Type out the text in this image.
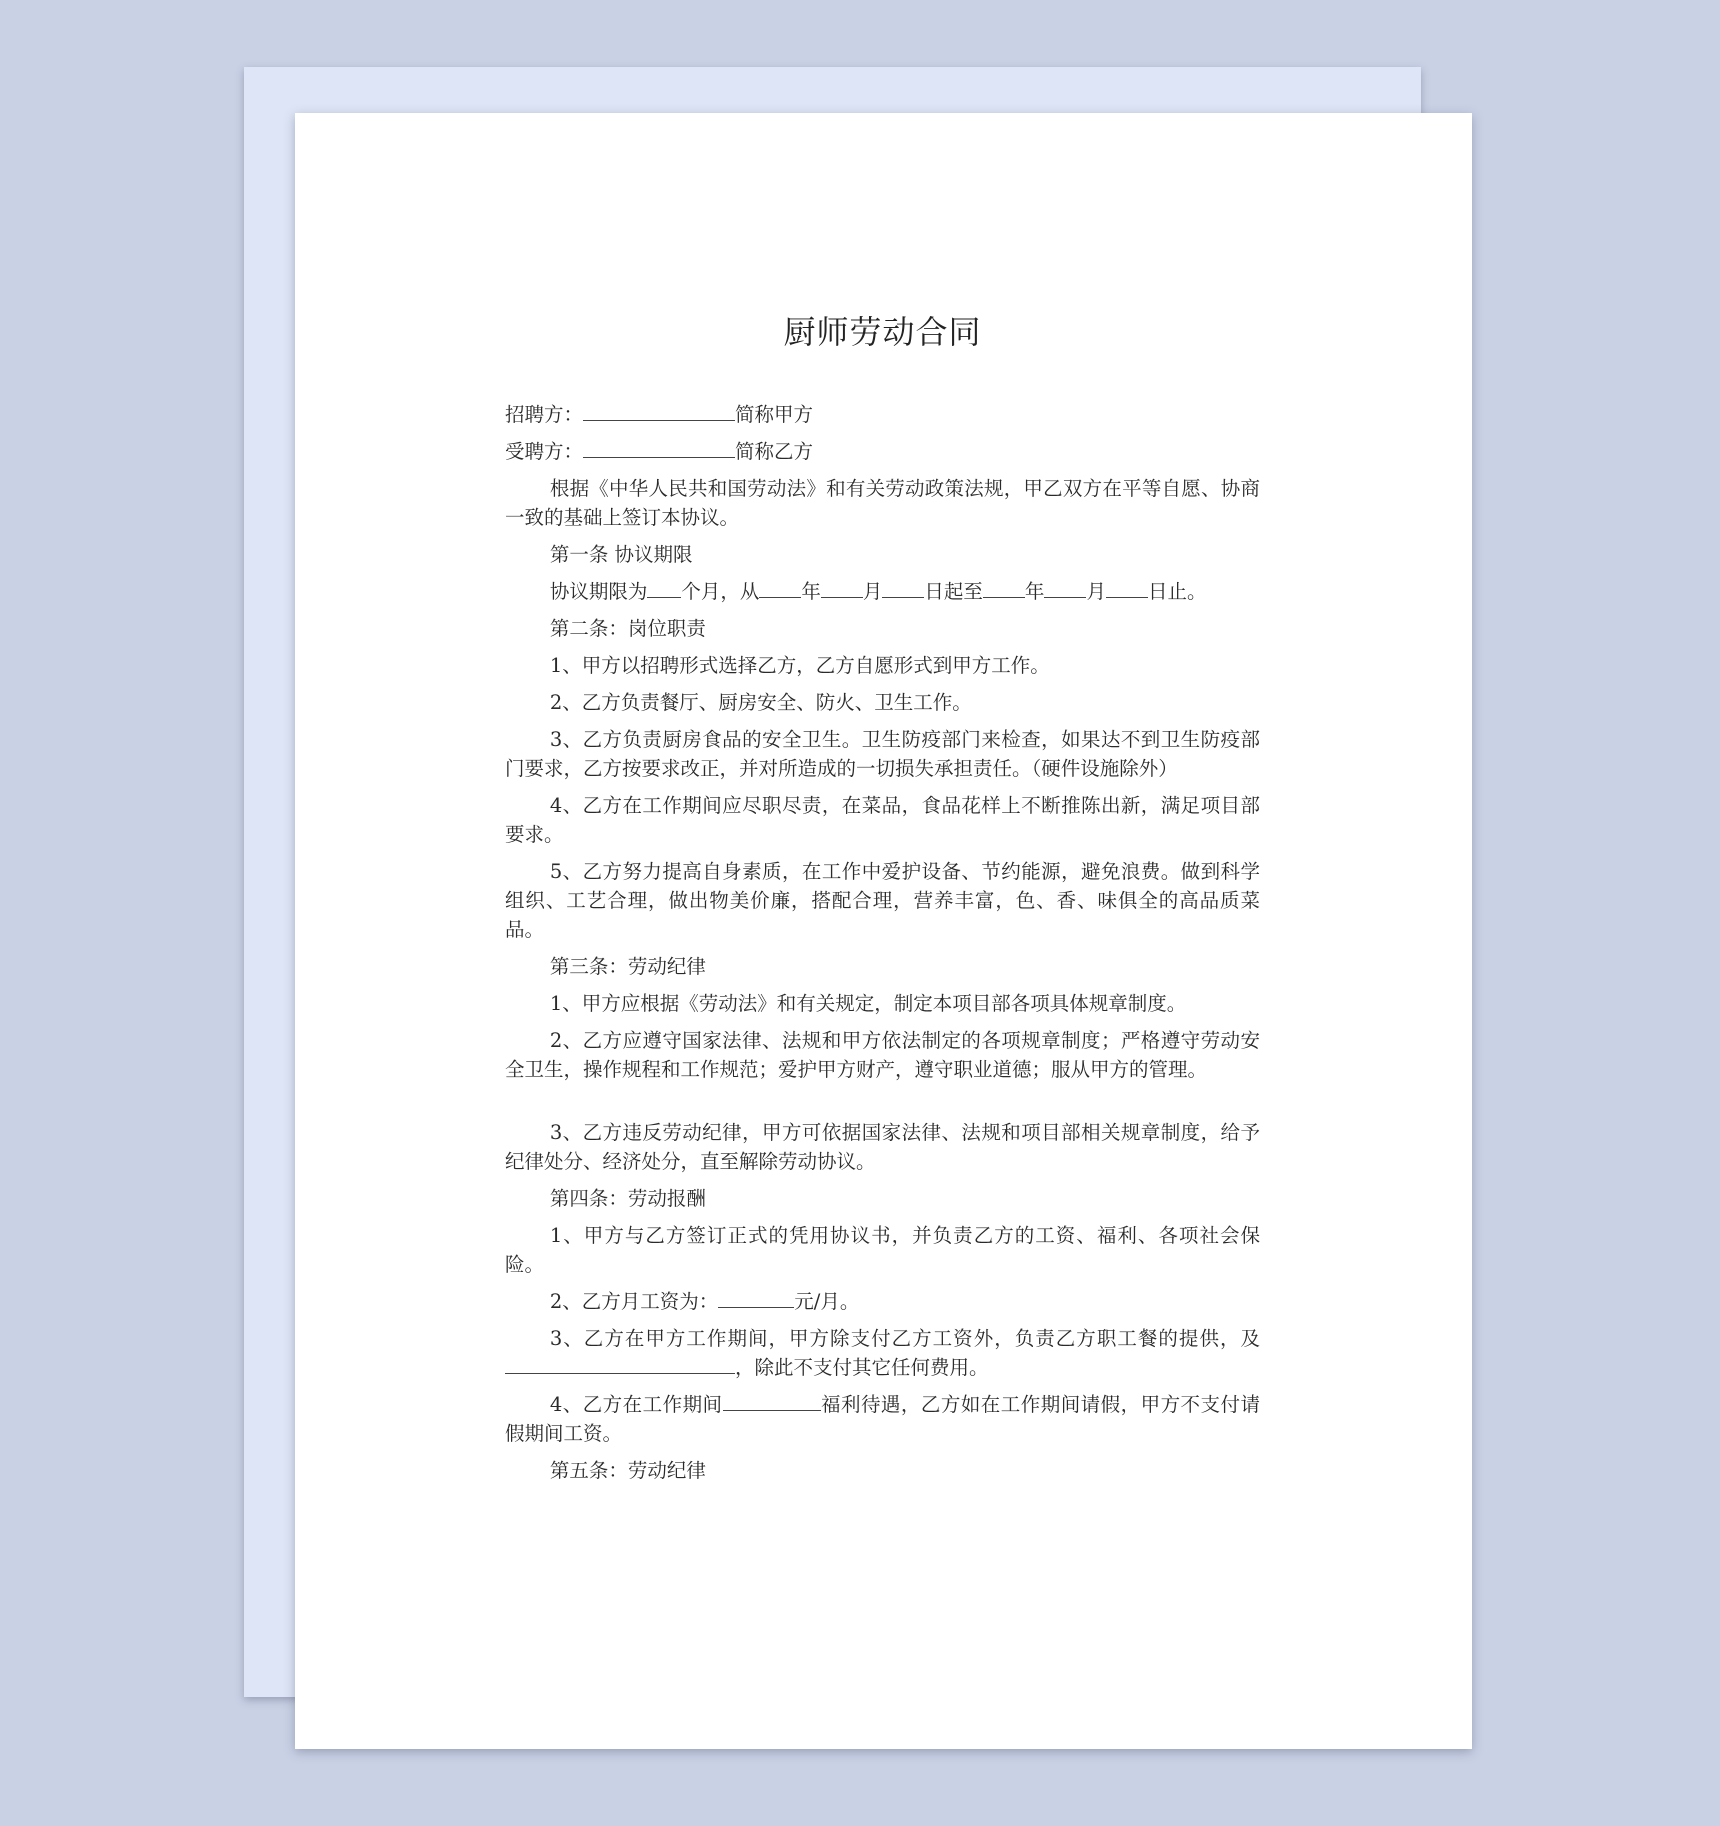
厨师劳动合同
招聘方：	简称甲方
受聘方：	简称乙方
根据《中华人民共和国劳动法》和有关劳动政策法规，甲乙双方在平等自愿、协商一致的基础上签订本协议。
第一条 协议期限
协议期限为 个月，从 年 月 日起至 年 月 日止。
第二条：岗位职责
1、甲方以招聘形式选择乙方，乙方自愿形式到甲方工作。
2、乙方负责餐厅、厨房安全、防火、卫生工作。
3、乙方负责厨房食品的安全卫生。卫生防疫部门来检查，如果达不到卫生防疫部门要求，乙方按要求改正，并对所造成的一切损失承担责任。（硬件设施除外）
4、乙方在工作期间应尽职尽责，在菜品，食品花样上不断推陈出新，满足项目部要求。
5、乙方努力提高自身素质，在工作中爱护设备、节约能源，避免浪费。做到科学组织、工艺合理，做出物美价廉，搭配合理，营养丰富，色、香、味俱全的高品质菜品。
第三条：劳动纪律
1、甲方应根据《劳动法》和有关规定，制定本项目部各项具体规章制度。
2、乙方应遵守国家法律、法规和甲方依法制定的各项规章制度；严格遵守劳动安全卫生，操作规程和工作规范；爱护甲方财产，遵守职业道德；服从甲方的管理。
3、乙方违反劳动纪律，甲方可依据国家法律、法规和项目部相关规章制度，给予纪律处分、经济处分，直至解除劳动协议。
第四条：劳动报酬
1、甲方与乙方签订正式的凭用协议书，并负责乙方的工资、福利、各项社会保险。
2、乙方月工资为：	元/月。
3、乙方在甲方工作期间，甲方除支付乙方工资外，负责乙方职工餐的提供，及，除此不支付其它任何费用。
4、乙方在工作期间	福利待遇，乙方如在工作期间请假，甲方不支付请假期间工资。
第五条：劳动纪律
